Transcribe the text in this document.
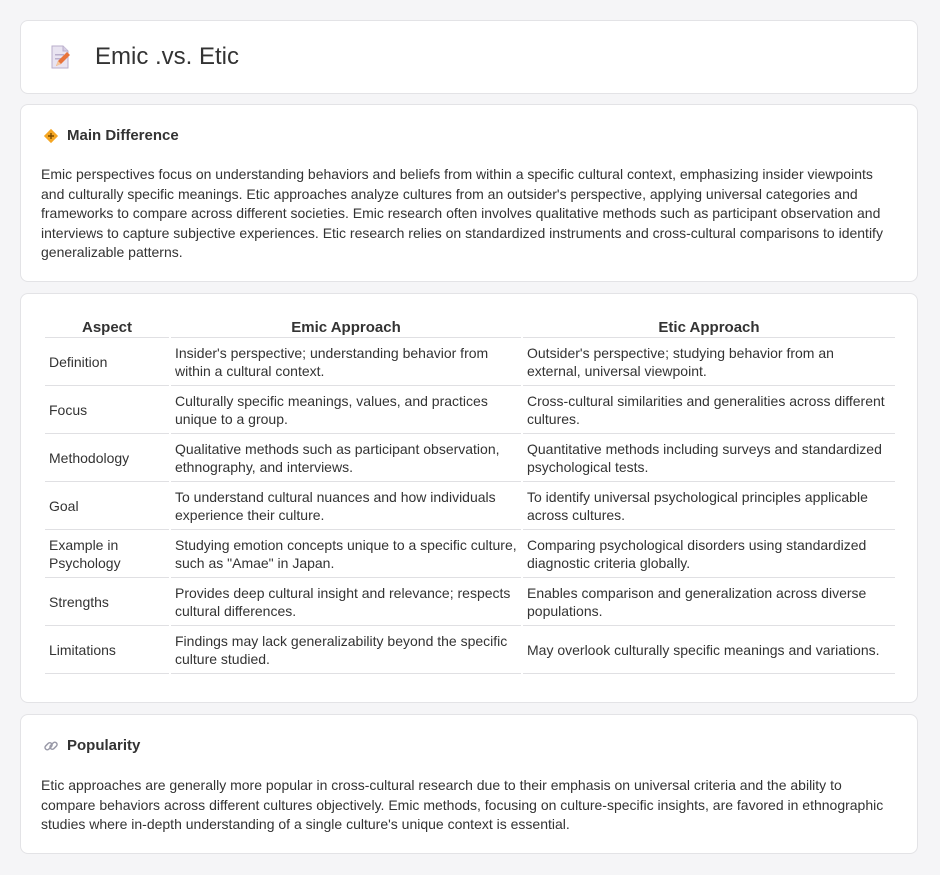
Emic .vs. Etic
Main Difference

Emic perspectives focus on understanding behaviors and beliefs from within a specific cultural context, emphasizing insider viewpoints and culturally specific meanings. Etic approaches analyze cultures from an outsider's perspective, applying universal categories and frameworks to compare across different societies. Emic research often involves qualitative methods such as participant observation and interviews to capture subjective experiences. Etic research relies on standardized instruments and cross-cultural comparisons to identify generalizable patterns.

Aspect	Emic Approach	Etic Approach
Definition	Insider's perspective; understanding behavior from within a cultural context.	Outsider's perspective; studying behavior from an external, universal viewpoint.
Focus	Culturally specific meanings, values, and practices unique to a group.	Cross-cultural similarities and generalities across different cultures.
Methodology	Qualitative methods such as participant observation, ethnography, and interviews.	Quantitative methods including surveys and standardized psychological tests.
Goal	To understand cultural nuances and how individuals experience their culture.	To identify universal psychological principles applicable across cultures.
Example in Psychology	Studying emotion concepts unique to a specific culture, such as "Amae" in Japan.	Comparing psychological disorders using standardized diagnostic criteria globally.
Strengths	Provides deep cultural insight and relevance; respects cultural differences.	Enables comparison and generalization across diverse populations.
Limitations	Findings may lack generalizability beyond the specific culture studied.	May overlook culturally specific meanings and variations.
Popularity

Etic approaches are generally more popular in cross-cultural research due to their emphasis on universal criteria and the ability to compare behaviors across different cultures objectively. Emic methods, focusing on culture-specific insights, are favored in ethnographic studies where in-depth understanding of a single culture's unique context is essential.
